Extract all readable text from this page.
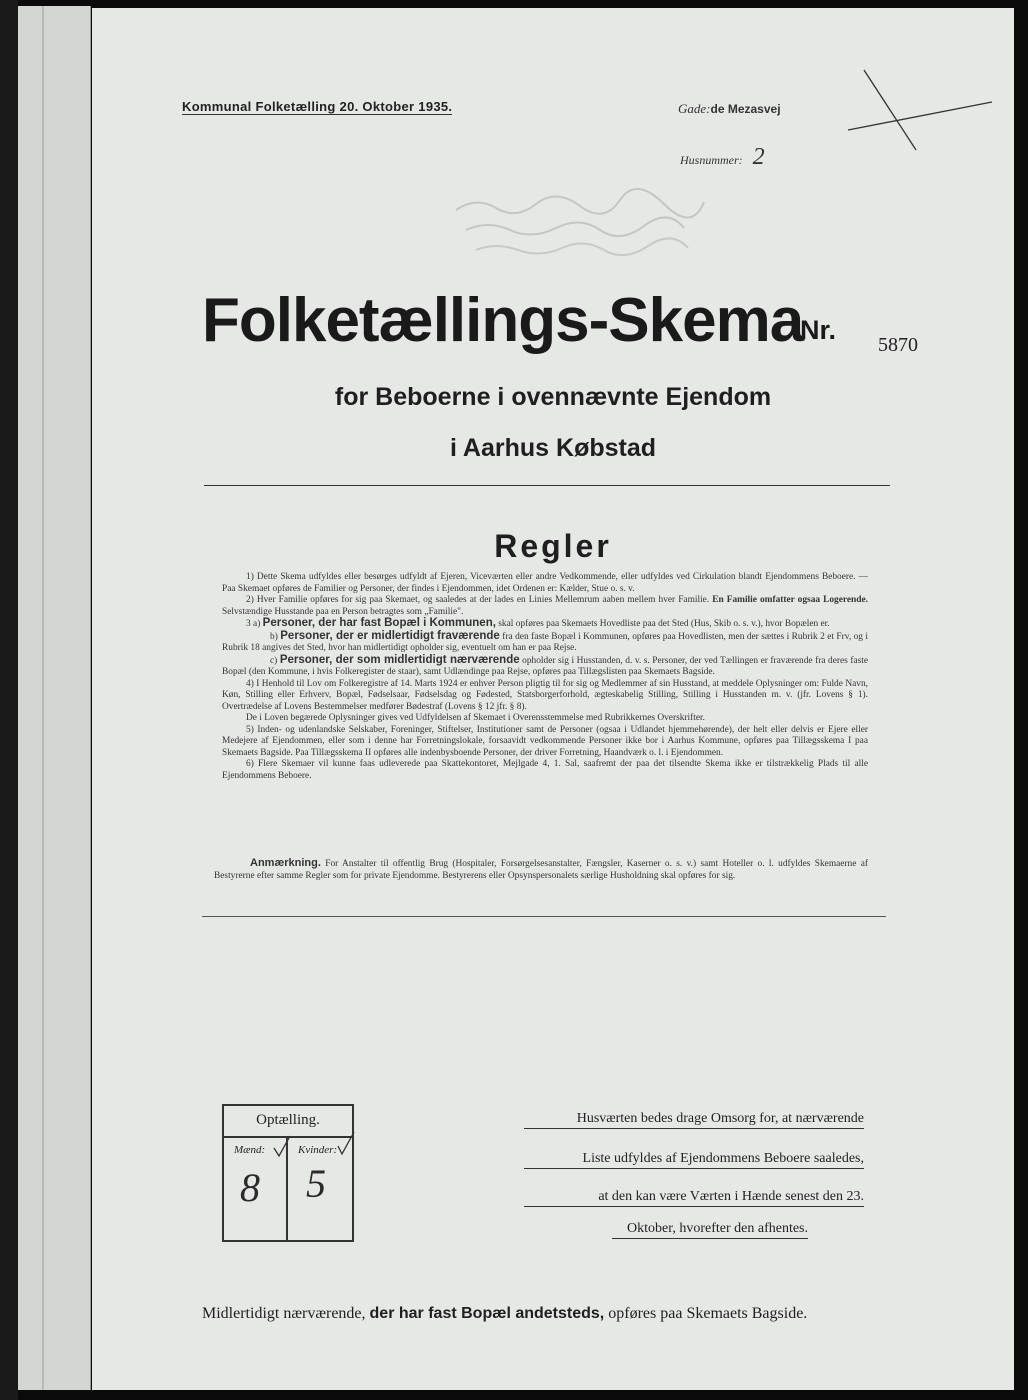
Kommunal Folketælling 20. Oktober 1935.	Gade:de Mezasvej
Husnummer: 2
Folketællings-Skema
Nr. 5870
for Beboerne i ovennævnte Ejendom
i Aarhus Købstad
Regler

1) Dette Skema udfyldes eller besørges udfyldt af Ejeren, Viceværten eller andre Vedkommende, eller udfyldes ved Cirkulation blandt Ejendommens Beboere. — Paa Skemaet opføres de Familier og Personer, der findes i Ejendommen, idet Ordenen er: Kælder, Stue o. s. v.

2) Hver Familie opføres for sig paa Skemaet, og saaledes at der lades en Linies Mellemrum aaben mellem hver Familie. En Familie omfatter ogsaa Logerende. Selvstændige Husstande paa en Person betragtes som „Familie".

3 a) Personer, der har fast Bopæl i Kommunen, skal opføres paa Skemaets Hovedliste paa det Sted (Hus, Skib o. s. v.), hvor Bopælen er.

b) Personer, der er midlertidigt fraværende fra den faste Bopæl i Kommunen, opføres paa Hovedlisten, men der sættes i Rubrik 2 et Frv, og i Rubrik 18 angives det Sted, hvor han midlertidigt opholder sig, eventuelt om han er paa Rejse.

c) Personer, der som midlertidigt nærværende opholder sig i Husstanden, d. v. s. Personer, der ved Tællingen er fraværende fra deres faste Bopæl (den Kommune, i hvis Folkeregister de staar), samt Udlændinge paa Rejse, opføres paa Tillægslisten paa Skemaets Bagside.

4) I Henhold til Lov om Folkeregistre af 14. Marts 1924 er enhver Person pligtig til for sig og Medlemmer af sin Husstand, at meddele Oplysninger om: Fulde Navn, Køn, Stilling eller Erhverv, Bopæl, Fødselsaar, Fødselsdag og Fødested, Statsborgerforhold, ægteskabelig Stilling, Stilling i Husstanden m. v. (jfr. Lovens § 1). Overtrædelse af Lovens Bestemmelser medfører Bødestraf (Lovens § 12 jfr. § 8).

De i Loven begærede Oplysninger gives ved Udfyldelsen af Skemaet i Overensstemmelse med Rubrikkernes Overskrifter.

5) Inden- og udenlandske Selskaber, Foreninger, Stiftelser, Institutioner samt de Personer (ogsaa i Udlandet hjemmehørende), der helt eller delvis er Ejere eller Medejere af Ejendommen, eller som i denne har Forretningslokale, forsaavidt vedkommende Personer ikke bor i Aarhus Kommune, opføres paa Tillægsskema I paa Skemaets Bagside. Paa Tillægsskema II opføres alle indenbysboende Personer, der driver Forretning, Haandværk o. l. i Ejendommen.

6) Flere Skemaer vil kunne faas udleverede paa Skattekontoret, Mejlgade 4, 1. Sal, saafremt der paa det tilsendte Skema ikke er tilstrækkelig Plads til alle Ejendommens Beboere.

Anmærkning. For Anstalter til offentlig Brug (Hospitaler, Forsørgelsesanstalter, Fængsler, Kaserner o. s. v.) samt Hoteller o. l. udfyldes Skemaerne af Bestyrerne efter samme Regler som for private Ejendomme. Bestyrerens eller Opsynspersonalets særlige Husholdning skal opføres for sig.
Optælling.
Mænd:	Kvinder:
8 5
Husværten bedes drage Omsorg for, at nærværende
Liste udfyldes af Ejendommens Beboere saaledes,
at den kan være Værten i Hænde senest den 23.
Oktober, hvorefter den afhentes.
Midlertidigt nærværende, der har fast Bopæl andetsteds, opføres paa Skemaets Bagside.
